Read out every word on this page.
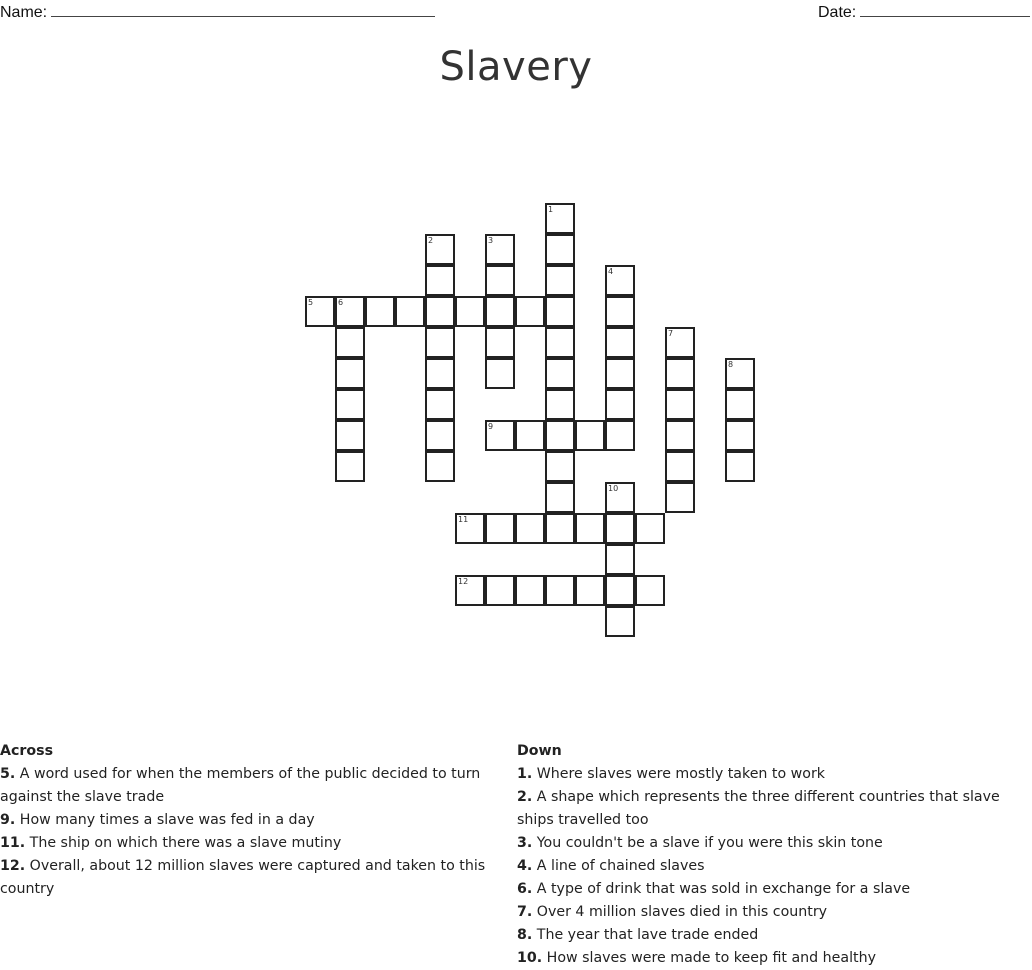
Name:	Date:
Slavery
1
2	3
4
5	6
7
8
9
10
11
12
Across

5. A word used for when the members of the public decided to turn against the slave trade

9. How many times a slave was fed in a day

11. The ship on which there was a slave mutiny

12. Overall, about 12 million slaves were captured and taken to this country

Down

1. Where slaves were mostly taken to work

2. A shape which represents the three different countries that slave ships travelled too

3. You couldn't be a slave if you were this skin tone

4. A line of chained slaves

6. A type of drink that was sold in exchange for a slave

7. Over 4 million slaves died in this country

8. The year that lave trade ended

10. How slaves were made to keep fit and healthy
